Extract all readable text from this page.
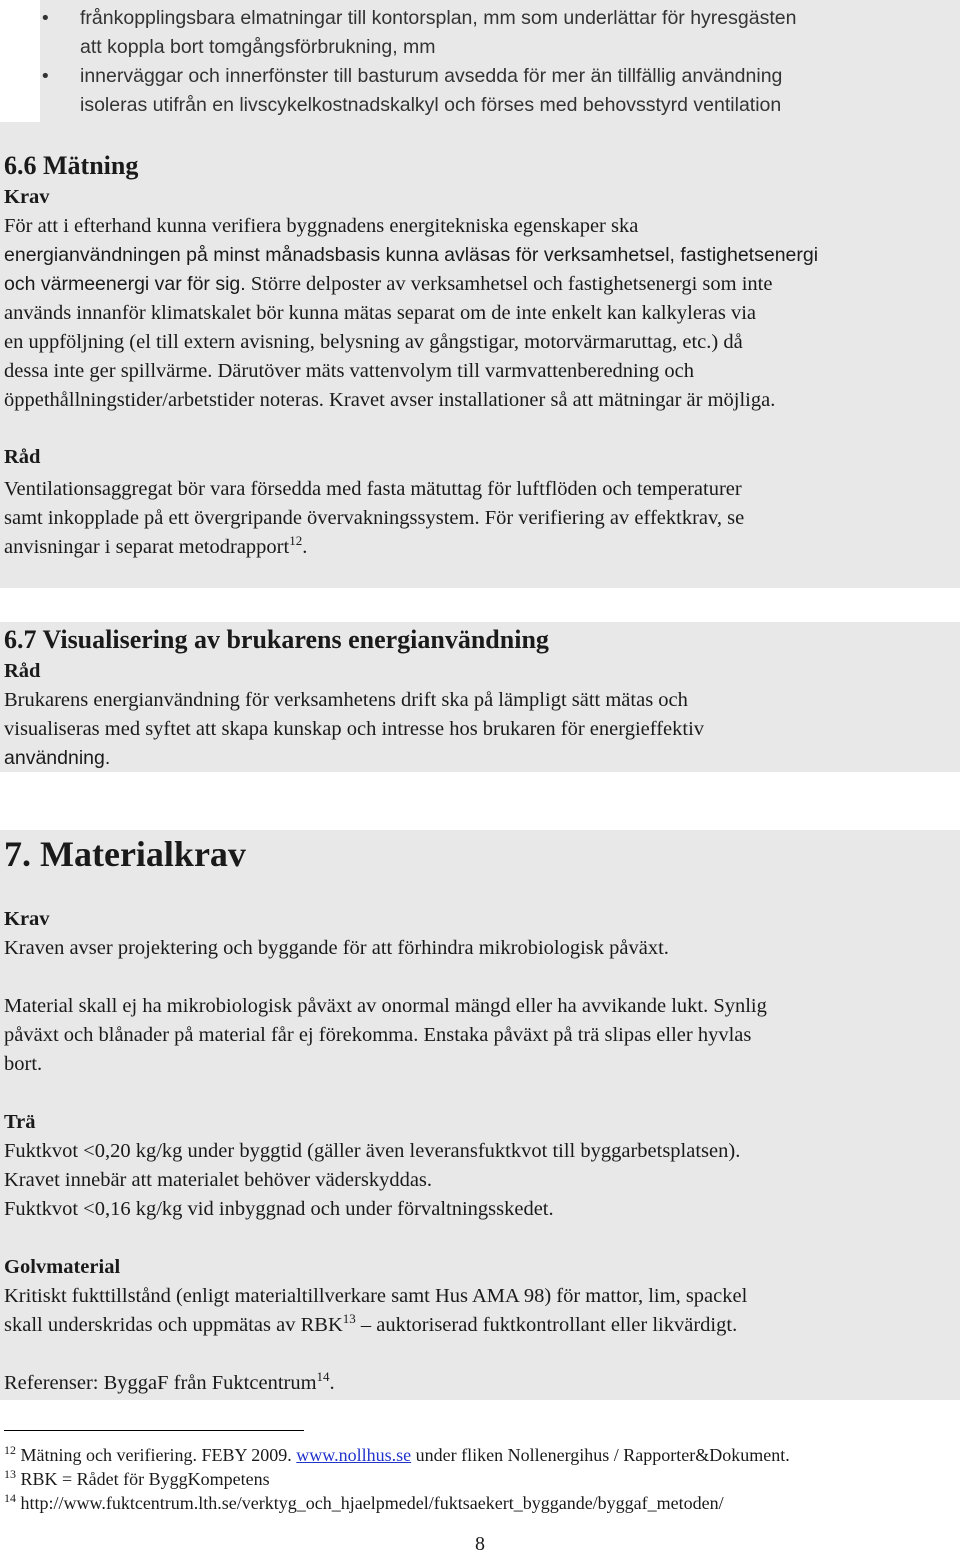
• frånkopplingsbara elmatningar till kontorsplan, mm som underlättar för hyresgästen
att koppla bort tomgångsförbrukning, mm
• innerväggar och innerfönster till basturum avsedda för mer än tillfällig användning
isoleras utifrån en livscykelkostnadskalkyl och förses med behovsstyrd ventilation

6.6 Mätning

Krav

För att i efterhand kunna verifiera byggnadens energitekniska egenskaper ska

energianvändningen på minst månadsbasis kunna avläsas för verksamhetsel, fastighetsenergi

och värmeenergi var för sig. Större delposter av verksamhetsel och fastighetsenergi som inte

används innanför klimatskalet bör kunna mätas separat om de inte enkelt kan kalkyleras via

en uppföljning (el till extern avisning, belysning av gångstigar, motorvärmaruttag, etc.) då

dessa inte ger spillvärme. Därutöver mäts vattenvolym till varmvattenberedning och

öppethållningstider/arbetstider noteras. Kravet avser installationer så att mätningar är möjliga.

Råd

Ventilationsaggregat bör vara försedda med fasta mätuttag för luftflöden och temperaturer

samt inkopplade på ett övergripande övervakningssystem. För verifiering av effektkrav, se

anvisningar i separat metodrapport$^{12}$.

6.7 Visualisering av brukarens energianvändning

Råd

Brukarens energianvändning för verksamhetens drift ska på lämpligt sätt mätas och

visualiseras med syftet att skapa kunskap och intresse hos brukaren för energieffektiv

användning.

7. Materialkrav

Krav

Kraven avser projektering och byggande för att förhindra mikrobiologisk påväxt.

Material skall ej ha mikrobiologisk påväxt av onormal mängd eller ha avvikande lukt. Synlig

påväxt och blånader på material får ej förekomma. Enstaka påväxt på trä slipas eller hyvlas

bort.

Trä

Fuktkvot <0,20 kg/kg under byggtid (gäller även leveransfuktkvot till byggarbetsplatsen).

Kravet innebär att materialet behöver väderskyddas.

Fuktkvot <0,16 kg/kg vid inbyggnad och under förvaltningsskedet.

Golvmaterial

Kritiskt fukttillstånd (enligt materialtillverkare samt Hus AMA 98) för mattor, lim, spackel

skall underskridas och uppmätas av RBK$^{13}$ – auktoriserad fuktkontrollant eller likvärdigt.

Referenser: ByggaF från Fuktcentrum$^{14}$.

$^{12}$ Mätning och verifiering. FEBY 2009. www.nollhus.se under fliken Nollenergihus / Rapporter&Dokument.

$^{13}$ RBK = Rådet för ByggKompetens

$^{14}$ http://www.fuktcentrum.lth.se/verktyg_och_hjaelpmedel/fuktsaekert_byggande/byggaf_metoden/

8
